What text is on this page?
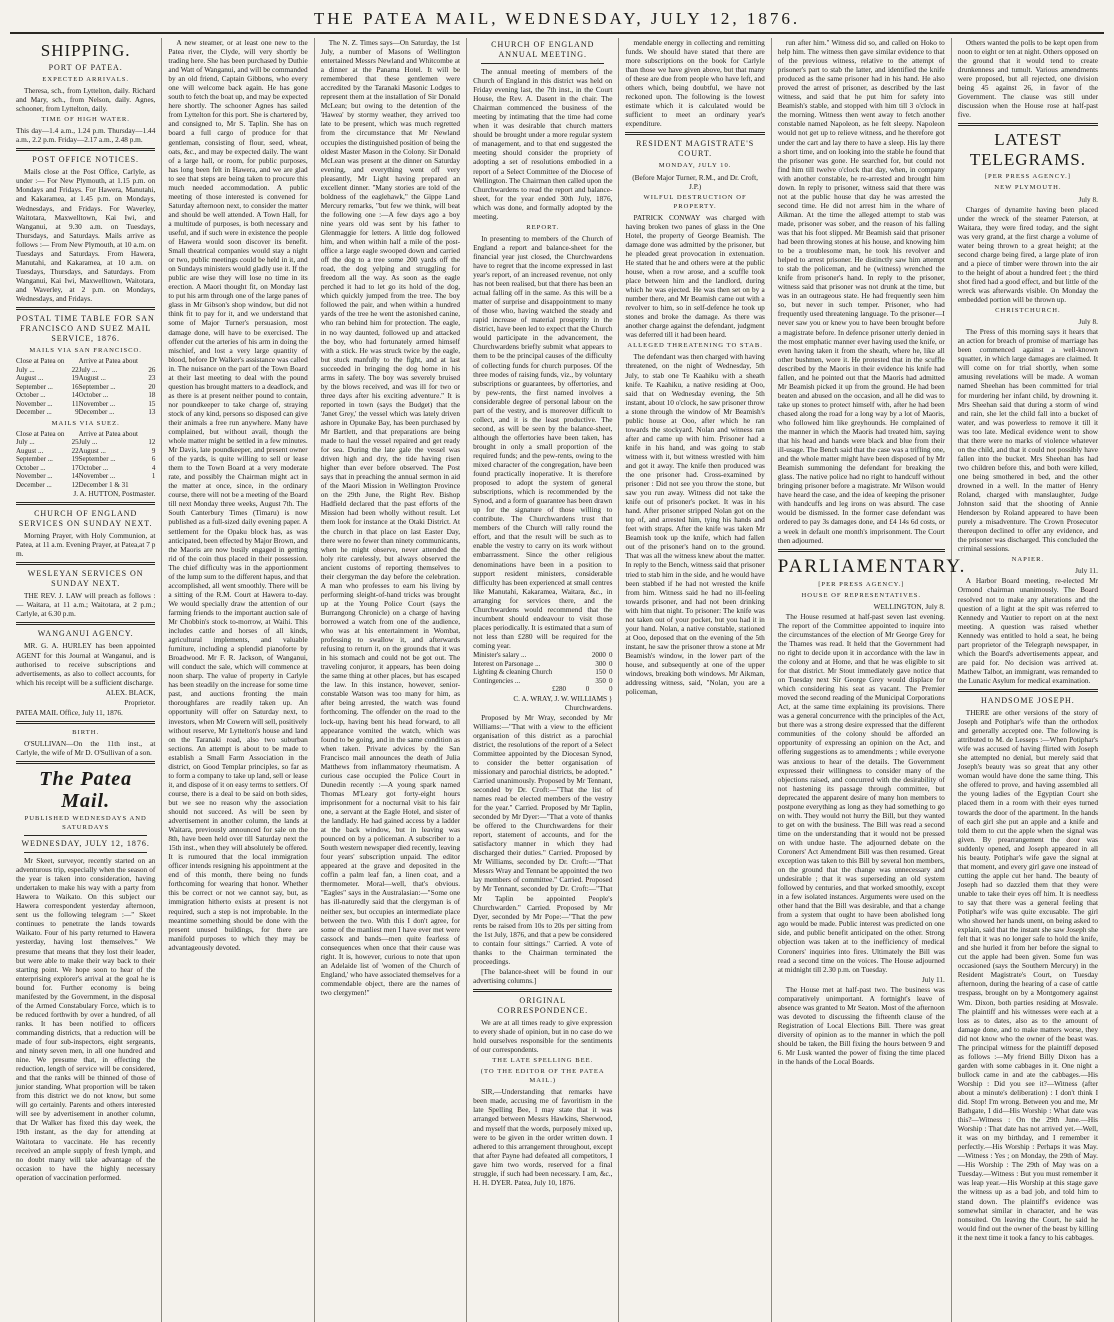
THE PATEA MAIL, WEDNESDAY, JULY 12, 1876.
SHIPPING.
PORT OF PATEA.
EXPECTED ARRIVALS.

Theresa, sch., from Lyttelton, daily. Richard and Mary, sch., from Nelson, daily. Agnes, schooner, from Lyttelton, daily.

TIME OF HIGH WATER.

This day—1.4 a.m., 1.24 p.m. Thursday—1.44 a.m., 2.2 p.m. Friday—2.17 a.m., 2.48 p.m.

POST OFFICE NOTICES.

Mails close at the Post Office, Carlyle, as under :— For New Plymouth, at 1.15 p.m. on Mondays and Fridays. For Hawera, Manutahi, and Kakaramea, at 1.45 p.m. on Mondays, Wednesdays, and Fridays. For Waverley, Waitotara, Maxwelltown, Kai Iwi, and Wanganui, at 9.30 a.m. on Tuesdays, Thursdays, and Saturdays. Mails arrive as follows :— From New Plymouth, at 10 a.m. on Tuesdays and Saturdays. From Hawera, Manutahi, and Kakaramea, at 10 a.m. on Tuesdays, Thursdays, and Saturdays. From Wanganui, Kai Iwi, Maxwelltown, Waitotara, and Waverley, at 2 p.m. on Mondays, Wednesdays, and Fridays.

POSTAL TIME TABLE FOR SAN FRANCISCO AND SUEZ MAIL SERVICE, 1876.
MAILS VIA SAN FRANCISCO.
Close at Patea on		Arrive at Patea about	
July ...	22	July ...	26
August ...	19	August ...	23
September ...	16	September ...	20
October ...	14	October ...	18
November ...	11	November ...	15
December ...	9	December ...	13
MAILS VIA SUEZ.
Close at Patea on		Arrive at Patea about	
July ...	25	July ...	12
August ...	22	August ...	9
September ...	19	September ...	6
October ...	17	October ...	4
November ...	14	November ...	1
December ...	12	December 1 & 31	

J. A. HUTTON, Postmaster.

CHURCH OF ENGLAND SERVICES ON SUNDAY NEXT.

Morning Prayer, with Holy Communion, at Patea, at 11 a.m. Evening Prayer, at Patea,at 7 p m.

WESLEYAN SERVICES ON SUNDAY NEXT.

THE REV. J. LAW will preach as follows :— Waitara, at 11 a.m.; Waitotara, at 2 p.m.; Carlyle, at 6.30 p.m.

WANGANUI AGENCY.

MR. G. A. HURLEY has been appointed AGENT for this Journal at Wanganui, and is authorised to receive subscriptions and advertisements, as also to collect accounts, for which his receipt will be a sufficient discharge.

ALEX. BLACK,

Proprietor.

PATEA MAIL Office, July 11, 1876.

BIRTH.

O'SULLIVAN—On the 11th inst., at Carlyle, the wife of Mr D. O'Sullivan of a son.

The Patea Mail.
PUBLISHED WEDNESDAYS AND SATURDAYS
WEDNESDAY, JULY 12, 1876.

Mr Skeet, surveyor, recently started on an adventurous trip, especially when the season of the year is taken into consideration, having undertaken to make his way with a party from Hawera to Waikato. On this subject our Hawera correspondent yesterday afternoon, sent us the following telegram :—" Skeet continues to penetrate the lands towards Waikato. Four of his party returned to Hawera yesterday, having lost themselves." We presume that means that they lost their leader, but were able to make their way back to their starting point. We hope soon to hear of the enterprising explorer's arrival at the goal he is bound for. Further economy is being manifested by the Government, in the disposal of the Armed Constabulary Force, which is to be reduced forthwith by over a hundred, of all ranks. It has been notified to officers commanding districts, that a reduction will be made of four sub-inspectors, eight sergeants, and ninety seven men, in all one hundred and nine. We presume that, in effecting the reduction, length of service will be considered, and that the ranks will be thinned of those of junior standing. What proportion will be taken from this district we do not know, but some will go certainly. Parents and others interested will see by advertisement in another column, that Dr Walker has fixed this day week, the 19th instant, as the day for attending at Waitotara to vaccinate. He has recently received an ample supply of fresh lymph, and no doubt many will take advantage of the occasion to have the highly necessary operation of vaccination performed.

A new steamer, or at least one new to the Patea river, the Clyde, will very shortly be trading here. She has been purchased by Duthie and Watt of Wanganui, and will be commanded by an old friend, Captain Gibbons, who every one will welcome back again. He has gone south to fetch the boat up, and may be expected here shortly. The schooner Agnes has sailed from Lyttelton for this port. She is chartered by, and consigned to, Mr S. Taplin. She has on board a full cargo of produce for that gentleman, consisting of flour, seed, wheat, oats, &c., and may be expected daily. The want of a large hall, or room, for public purposes, has long been felt in Hawera, and we are glad to see that steps are being taken to procure this much needed accommodation. A public meeting of those interested is convened for Saturday afternoon next, to consider the matter and should be well attended. A Town Hall, for a multitude of purposes, is both necessary and useful, and if such were in existence the people of Hawera would soon discover its benefit. Small theatrical companies would stay a night or two, public meetings could be held in it, and on Sundays ministers would gladly use it. If the public are wise they will lose no time in its erection. A Maori thought fit, on Monday last to put his arm through one of the large panes of glass in Mr Gibson's shop window, but did not think fit to pay for it, and we understand that some of Major Turner's persuasion, most damage done, will have to be exercised. The offender cut the arteries of his arm in doing the mischief, and lost a very large quantity of blood, before Dr Walker's assistance was called in. The nuisance on the part of the Town Board at their last meeting to deal with the pound question has brought matters to a deadlock, and as there is at present neither pound to contain, nor poundkeeper to take charge of, straying stock of any kind, persons so disposed can give their animals a free run anywhere. Many have complained, but without avail, though the whole matter might be settled in a few minutes. Mr Davis, late poundkeeper, and present owner of the yards, is quite willing to sell or lease them to the Town Board at a very moderate rate, and possibly the Chairman might act in the matter at once, since, in the ordinary course, there will not be a meeting of the Board till next Monday three weeks, August 7th. The South Canterbury Times (Timaru) is now published as a full-sized daily evening paper. A settlement for the Opaku block has, as was anticipated, been effected by Major Brown, and the Maoris are now busily engaged in getting rid of the coin thus placed in their possession. The chief difficulty was in the apportionment of the lump sum to the different hapus, and that accomplished, all went smoothly. There will be a sitting of the R.M. Court at Hawera to-day. We would specially draw the attention of our farming friends to the important auction sale of Mr Chobbin's stock to-morrow, at Waihi. This includes cattle and horses of all kinds, agricultural implements, and valuable furniture, including a splendid pianoforte by Broadwood. Mr F. R. Jackson, of Wanganui, will conduct the sale, which will commence at noon sharp. The value of property in Carlyle has been steadily on the increase for some time past, and auctions fronting the main thoroughfares are readily taken up. An opportunity will offer on Saturday next, to investors, when Mr Cowern will sell, positively without reserve, Mr Lyttelton's house and land on the Taranaki road, also two suburban sections. An attempt is about to be made to establish a Small Farm Association in the district, on Good Templar principles, so far as to form a company to take up land, sell or lease it, and dispose of it on easy terms to settlers. Of course, there is a deal to be said on both sides, but we see no reason why the association should not succeed. As will be seen by advertisement in another column, the lands at Waitara, previously announced for sale on the 8th, have been held over till Saturday next the 15th inst., when they will absolutely be offered. It is rumoured that the local immigration officer intends resigning his appointment at the end of this month, there being no funds forthcoming for wearing that honor. Whether this be correct or not we cannot say, but, as immigration hitherto exists at present is not required, such a step is not improbable. In the meantime something should be done with the present unused buildings, for there are manifold purposes to which they may be advantageously devoted.

The N. Z. Times says—On Saturday, the 1st July, a number of Masons of Wellington entertained Messrs Newland and Whitcombe at a dinner at the Panama Hotel. It will be remembered that these gentlemen were accredited by the Taranaki Masonic Lodges to represent them at the installation of Sir Donald McLean; but owing to the detention of the 'Hawea' by stormy weather, they arrived too late to be present, which was much regretted from the circumstance that Mr Newland occupies the distinguished position of being the oldest Master Mason in the Colony. Sir Donald McLean was present at the dinner on Saturday evening, and everything went off very pleasantly, Mr Light having prepared an excellent dinner. "Many stories are told of the boldness of the eaglehawk," the Gippe Land Mercury remarks, "but few we think, will beat the following one :—A few days ago a boy nine years old was sent by his father to Glenmaggie for letters. A little dog followed him, and when within half a mile of the post-office a large eagle swooped down and carried off the dog to a tree some 200 yards off the road, the dog yelping and struggling for freedom all the way. As soon as the eagle perched it had to let go its hold of the dog, which quickly jumped from the tree. The boy followed the pair, and when within a hundred yards of the tree he went the astonished canine, who ran behind him for protection. The eagle, in no way daunted, followed up and attacked the boy, who had fortunately armed himself with a stick. He was struck twice by the eagle, but stuck manfully to the fight, and at last succeeded in bringing the dog home in his arms in safety. The boy was severely bruised by the blows received, and was ill for two or three days after his exciting adventure." It is reported in town (says the Budget) that the 'Janet Grey,' the vessel which was lately driven ashore in Opunake Bay, has been purchased by Mr Bartlett, and that preparations are being made to haul the vessel repaired and get ready for sea. During the late gale the vessel was driven high and dry, the tide having risen higher than ever before observed. The Post says that in preaching the annual sermon in aid of the Maori Mission in Wellington Province on the 29th June, the Right Rev. Bishop Hadfield declared that the past efforts of the Mission had been wholly without result. Let them look for instance at the Otaki District. At the church in that place on last Easter Day, there were no fewer than ninety communicants, when he might observe, never attended the holy rite carelessly, but always observed the ancient customs of reporting themselves to their clergyman the day before the celebration. A man who professes to earn his living by performing sleight-of-hand tricks was brought up at the Young Police Court (says the Burrangong Chronicle) on a charge of having borrowed a watch from one of the audience, who was at his entertainment in Wombat, professing to swallow it, and afterwards refusing to return it, on the grounds that it was in his stomach and could not be got out. The traveling conjuror, it appears, has been doing the same thing at other places, but has escaped the law. In this instance, however, senior-constable Watson was too many for him, as after being arrested, the watch was found forthcoming. The offender on the road to the lock-up, having bent his head forward, to all appearance vomited the watch, which was found to be going, and in the same condition as when taken. Private advices by the San Francisco mail announces the death of Julia Matthews from inflammatory rheumatism. A curious case occupied the Police Court in Dunedin recently :—A young spark named Thomas M'Leary got forty-eight hours imprisonment for a nocturnal visit to his fair one, a servant at the Eagle Hotel, and sister of the landlady. He had gained access by a ladder at the back window, but in leaving was pounced on by a policeman. A subscriber to a South western newspaper died recently, leaving four years' subscription unpaid. The editor appeared at the grave and deposited in the coffin a palm leaf fan, a linen coat, and a thermometer. Moral—well, that's obvious. "Eagles" says in the Australasian:—"Some one has ill-naturedly said that the clergyman is of neither sex, but occupies an intermediate place between the two. With this I don't agree, for some of the manliest men I have ever met were cassock and bands—men quite fearless of consequences when once that their cause was right. It is, however, curious to note that upon an Adelaide list of 'women of the Church of England,' who have associated themselves for a commendable object, there are the names of two clergymen!"

CHURCH OF ENGLAND ANNUAL MEETING.

The annual meeting of members of the Church of England in this district was held on Friday evening last, the 7th inst., in the Court House, the Rev. A. Dasent in the chair. The Chairman commenced the business of the meeting by intimating that the time had come when it was desirable that church matters should be brought under a more regular system of management, and to that end suggested the meeting should consider the propriety of adopting a set of resolutions embodied in a report of a Select Committee of the Diocese of Wellington. The Chairman then called upon the Churchwardens to read the report and balance-sheet, for the year ended 30th July, 1876, which was done, and formally adopted by the meeting.

REPORT.

In presenting to members of the Church of England a report and balance-sheet for the financial year just closed, the Churchwardens have to regret that the income expressed in last year's report, of an increased revenue, not only has not been realised, but that there has been an actual falling off in the same. As this will be a matter of surprise and disappointment to many of those who, having watched the steady and rapid increase of material prosperity in the district, have been led to expect that the Church would participate in the advancement, the Churchwardens briefly submit what appears to them to be the principal causes of the difficulty of collecting funds for church purposes. Of the three modes of raising funds, viz., by voluntary subscriptions or guarantees, by offertories, and by pew-rents, the first named involves a considerable degree of personal labour on the part of the vestry, and is moreover difficult to collect, and it is the least productive. The second, as will be seen by the balance-sheet, although the offertories have been taken, has brought in only a small proportion of the required funds; and the pew-rents, owing to the mixed character of the congregation, have been found practically inoperative. It is therefore proposed to adopt the system of general subscriptions, which is recommended by the Synod, and a form of guarantee has been drawn up for the signature of those willing to contribute. The Churchwardens trust that members of the Church will rally round the effort, and that the result will be such as to enable the vestry to carry on its work without embarrassment. Since the other religious denominations have been in a position to support resident ministers, considerable difficulty has been experienced at small centres like Manutahi, Kakaramea, Waitara, &c., in arranging for services there, and the Churchwardens would recommend that the incumbent should endeavour to visit those places periodically. It is estimated that a sum of not less than £280 will be required for the coming year.

Minister's salary ...	200	0	0
Interest on Parsonage ...	30	0	0
Lighting & cleaning Church	15	0	0
Contingencies ...	35	0	0
	£280	0	0

C. A. WRAY, J. W. WILLIAMS } Churchwardens.

Proposed by Mr Wray, seconded by Mr Williams:—"That with a view to the efficient organisation of this district as a parochial district, the resolutions of the report of a Select Committee appointed by the Diocesan Synod, to consider the better organisation of missionary and parochial districts, be adopted." Carried unanimously. Proposed by Mr Tennant, seconded by Dr. Croft:—"That the list of names read be elected members of the vestry for the year." Carried. Proposed by Mr Taplin, seconded by Mr Dyer:—"That a vote of thanks be offered to the Churchwardens for their report, statement of accounts, and for the satisfactory manner in which they had discharged their duties." Carried. Proposed by Mr Williams, seconded by Dr. Croft:—"That Messrs Wray and Tennant be appointed the two lay members of committee." Carried. Proposed by Mr Tennant, seconded by Dr. Croft:—"That Mr Taplin be appointed People's Churchwarden." Carried. Proposed by Mr Dyer, seconded by Mr Pope:—"That the pew rents be raised from 10s to 20s per sitting from the 1st July, 1876, and that a pew be considered to contain four sittings." Carried. A vote of thanks to the Chairman terminated the proceedings.

[The balance-sheet will be found in our advertising columns.]

ORIGINAL CORRESPONDENCE.

We are at all times ready to give expression to every shade of opinion, but in no case do we hold ourselves responsible for the sentiments of our correspondents.

THE LATE SPELLING BEE.
(TO THE EDITOR OF THE PATEA MAIL.)

SIR,—Understanding that remarks have been made, accusing me of favoritism in the late Spelling Bee, I may state that it was arranged between Messrs Hawkins, Sherwood, and myself that the words, purposely mixed up, were to be given in the order written down. I adhered to this arrangement throughout, except that after Payne had defeated all competitors, I gave him two words, reserved for a final struggle, if such had been necessary. I am, &c., H. H. DYER. Patea, July 10, 1876.

mendable energy in collecting and remitting funds. We should have stated that there are more subscriptions on the book for Carlyle than those we have given above, but that many of these are due from people who have left, and others which, being doubtful, we have not reckoned upon. The following is the lowest estimate which it is calculated would be sufficient to meet an ordinary year's expenditure.

RESIDENT MAGISTRATE'S COURT.
MONDAY, JULY 10.

(Before Major Turner, R.M., and Dr. Croft, J.P.)

WILFUL DESTRUCTION OF PROPERTY.

PATRICK CONWAY was charged with having broken two panes of glass in the One Hotel, the property of George Beamish. The damage done was admitted by the prisoner, but he pleaded great provocation in extenuation. He stated that he and others were at the public house, when a row arose, and a scuffle took place between him and the landlord, during which he was ejected. He was then set on by a number there, and Mr Beamish came out with a revolver to him, so in self-defence he took up stones and broke the damage. As there was another charge against the defendant, judgment was deferred till it had been heard.

ALLEGED THREATENING TO STAB.

The defendant was then charged with having threatened, on the night of Wednesday, 5th July, to stab one Te Kaahiku with a sheath knife. Te Kaahiku, a native residing at Ooo, said that on Wednesday evening, the 5th instant, about 10 o'clock, he saw prisoner throw a stone through the window of Mr Beamish's public house at Ooo, after which he ran towards the stockyard. Nolan and witness ran after and came up with him. Prisoner had a knife in his hand, and was going to stab witness with it, but witness wrestled with him and got it away. The knife then produced was the one prisoner had. Cross-examined by prisoner : Did not see you throw the stone, but saw you run away. Witness did not take the knife out of prisoner's pocket. It was in his hand. After prisoner stripped Nolan got on the top of, and arrested him, tying his hands and feet with straps. After the knife was taken Mr Beamish took up the knife, which had fallen out of the prisoner's hand on to the ground. That was all the witness knew about the matter. In reply to the Bench, witness said that prisoner tried to stab him in the side, and he would have been stabbed if he had not wrested the knife from him. Witness said he had no ill-feeling towards prisoner, and had not been drinking with him that night. To prisoner: The knife was not taken out of your pocket, but you had it in your hand. Nolan, a native constable, stationed at Ooo, deposed that on the evening of the 5th instant, he saw the prisoner throw a stone at Mr Beamish's window, in the lower part of the house, and subsequently at one of the upper windows, breaking both windows. Mr Aikman, addressing witness, said, "Nolan, you are a policeman,

run after him." Witness did so, and called on Hoko to help him. The witness then gave similar evidence to that of the previous witness, relative to the attempt of prisoner's part to stab the latter, and identified the knife produced as the same prisoner had in his hand. He also proved the arrest of prisoner, as described by the last witness, and said that he put him for safety into Beamish's stable, and stopped with him till 3 o'clock in the morning. Witness then went away to fetch another constable named Napoleon, as he felt sleepy. Napoleon would not get up to relieve witness, and he therefore got under the cart and lay there to have a sleep. His lay there a short time, and on looking into the stable he found that the prisoner was gone. He searched for, but could not find him till twelve o'clock that day, when, in company with another constable, he re-arrested and brought him down. In reply to prisoner, witness said that there was not at the public house that day he was arrested the second time. He did not arrest him in the whare of Aikman. At the time the alleged attempt to stab was made, prisoner was sober, and the reason of his falling was that his foot slipped. Mr Beamish said that prisoner had been throwing stones at his house, and knowing him to be a troublesome man, he took his revolver and helped to arrest prisoner. He distinctly saw him attempt to stab the policeman, and he (witness) wrenched the knife from prisoner's hand. In reply to the prisoner, witness said that prisoner was not drunk at the time, but was in an outrageous state. He had frequently seen him so, but never in such temper. Prisoner, who had frequently used threatening language. To the prisoner—I never saw you or knew you to have been brought before a magistrate before. In defence prisoner utterly denied in the most emphatic manner ever having used the knife, or even having taken it from the sheath, where he, like all other bushmen, wore it. He protested that in the scuffle described by the Maoris in their evidence his knife had fallen, and he pointed out that the Maoris had admitted Mr Beamish picked it up from the ground. He had been beaten and abused on the occasion, and all he did was to take up stones to protect himself with, after he had been chased along the road for a long way by a lot of Maoris, who followed him like greyhounds. He complained of the manner in which the Maoris had treated him, saying that his head and hands were black and blue from their ill-usage. The Bench said that the case was a trifling one, and the whole matter might have been disposed of by Mr Beamish summoning the defendant for breaking the glass. The native police had no right to handcuff without bringing prisoner before a magistrate. Mr Wilson would have heard the case, and the idea of keeping the prisoner with handcuffs and leg irons on was absurd. The case would be dismissed. In the former case defendant was ordered to pay 3s damages done, and £4 14s 6d costs, or a week in default one month's imprisonment. The Court then adjourned.

PARLIAMENTARY.
[PER PRESS AGENCY.]
HOUSE OF REPRESENTATIVES.

WELLINGTON, July 8.

The House resumed at half-past seven last evening. The report of the Committee appointed to inquire into the circumstances of the election of Mr George Grey for the Thames was read. It held that the Government had no right to decide upon it in accordance with the law in the colony and at Home, and that he was eligible to sit for that district. Mr Stout immediately gave notice that on Tuesday next Sir George Grey would displace for which considering his seat as vacant. The Premier moved the second reading of the Municipal Corporations Act, at the same time explaining its provisions. There was a general concurrence with the principles of the Act, but there was a strong desire expressed that the different communities of the colony should be afforded an opportunity of expressing an opinion on the Act, and offering suggestions as to amendments ; while everyone was anxious to hear of the details. The Government expressed their willingness to consider many of the objections raised, and concurred with the desirability of not hastening its passage through committee, but deprecated the apparent desire of many hon members to postpone everything as long as they had something to go on with. They would not hurry the Bill, but they wanted to get on with the business. The Bill was read a second time on the understanding that it would not be pressed on with undue haste. The adjourned debate on the Coroners' Act Amendment Bill was then resumed. Great exception was taken to this Bill by several hon members, on the ground that the change was unnecessary and undesirable ; that it was superseding an old system followed by centuries, and that worked smoothly, except in a few isolated instances. Arguments were used on the other hand that the Bill was desirable, and that a change from a system that ought to have been abolished long ago would be made. Public interest was predicted on one side, and public benefit anticipated on the other. Strong objection was taken at to the inefficiency of medical Coroners' inquiries into fires. Ultimately the Bill was read a second time on the voices. The House adjourned at midnight till 2.30 p.m. on Tuesday.

July 11.

The House met at half-past two. The business was comparatively unimportant. A fortnight's leave of absence was granted to Mr Seaton. Most of the afternoon was devoted to discussing the fifteenth clause of the Registration of Local Elections Bill. There was great diversity of opinion as to the manner in which the poll should be taken, the Bill fixing the hours between 9 and 6. Mr Lusk wanted the power of fixing the time placed in the hands of the Local Boards.

Others wanted the polls to be kept open from noon to eight or ten at night. Others opposed on the ground that it would tend to create drunkenness and tumult. Various amendments were proposed, but all rejected, one division being 45 against 26, in favor of the Government. The clause was still under discussion when the House rose at half-past five.

LATEST TELEGRAMS.
[PER PRESS AGENCY.]
NEW PLYMOUTH.

July 8.

Charges of dynamite having been placed under the wreck of the steamer Paterson, at Waitara, they were fired today, and the sight was very grand, at the first charge a volume of water being thrown to a great height; at the second charge being fired, a large plate of iron and a piece of timber were thrown into the air to the height of about a hundred feet ; the third shot fired had a good effect, and but little of the wreck was afterwards visible. On Monday the embedded portion will be thrown up.

CHRISTCHURCH.

July 8.

The Press of this morning says it hears that an action for breach of promise of marriage has been commenced against a well-known squatter, in which large damages are claimed. It will come on for trial shortly, when some amusing revelations will be made. A woman named Sheehan has been committed for trial for murdering her infant child, by drowning it. Mrs Sheehan said that during a storm of wind and rain, she let the child fall into a bucket of water, and was powerless to remove it till it was too late. Medical evidence went to show that there were no marks of violence whatever on the child, and that it could not possibly have fallen into the bucket. Mrs Sheehan has had two children before this, and both were killed, one being smothered in bed, and the other drowned in a well. In the matter of Henry Roland, charged with manslaughter, Judge Johnston said that the shooting of Annie Henderson by Roland appeared to have been purely a misadventure. The Crown Prosecutor thereupon declined to offer any evidence, and the prisoner was discharged. This concluded the criminal sessions.

NAPIER.

July 11.

A Harbor Board meeting, re-elected Mr Ormond chairman unanimously. The Board resolved not to make any alterations and the question of a light at the spit was referred to Kennedy and Vautier to report on at the next meeting. A question was raised whether Kennedy was entitled to hold a seat, he being part proprietor of the Telegraph newspaper, in which the Board's advertisements appear, and are paid for. No decision was arrived at. Mathew Talbot, an immigrant, was remanded to the Lunatic Asylum for medical examination.

HANDSOME JOSEPH.

THERE are other versions of the story of Joseph and Potiphar's wife than the orthodox and generally accepted one. The following is attributed to M. de Lesseps :—When Potiphar's wife was accused of having flirted with Joseph she attempted no denial, but merely said that Joseph's beauty was so great that any other woman would have done the same thing. This she offered to prove, and having assembled all the young ladies of the Egyptian Court she placed them in a room with their eyes turned towards the door of the apartment. In the hands of each girl she put an apple and a knife and told them to cut the apple when the signal was given. By prearrangement the door was suddenly opened, and Joseph appeared in all his beauty. Potiphar's wife gave the signal at that moment, and every girl gave one instead of cutting the apple cut her hand. The beauty of Joseph had so dazzled them that they were unable to take their eyes off him. It is needless to say that there was a general feeling that Potiphar's wife was quite excusable. The girl who showed her hands unent, on being asked to explain, said that the instant she saw Joseph she felt that it was no longer safe to hold the knife, and she hurled it from her before the signal to cut the apple had been given. Some fun was occasioned (says the Southern Mercury) in the Resident Magistrate's Court, on Tuesday afternoon, during the hearing of a case of cattle trespass, brought on by a Montgomery against Wm. Dixon, both parties residing at Mosvale. The plaintiff and his witnesses were each at a loss as to dates, also as to the amount of damage done, and to make matters worse, they did not know who the owner of the beast was. The principal witness for the plaintiff deposed as follows :—My friend Billy Dixon has a garden with some cabbages in it. One night a bullock came in and ate the cabbages.—His Worship : Did you see it?—Witness (after about a minute's deliberation) : I don't think I did. Stop! I'm wrong. Between you and me, Mr Bathgate, I did—His Worship : What date was this?—Witness : On the 29th June.—His Worship : That date has not arrived yet.—Well, it was on my birthday, and I remember it perfectly.—His Worship : Perhaps it was May.—Witness : Yes ; on Monday, the 29th of May.—His Worship : The 29th of May was on a Tuesday.—Witness : But you must remember it was leap year.—His Worship at this stage gave the witness up as a bad job, and told him to stand down. The plaintiff's evidence was somewhat similar in character, and he was nonsuited. On leaving the Court, he said he would find out the owner of the beast by killing it the next time it took a fancy to his cabbages.
